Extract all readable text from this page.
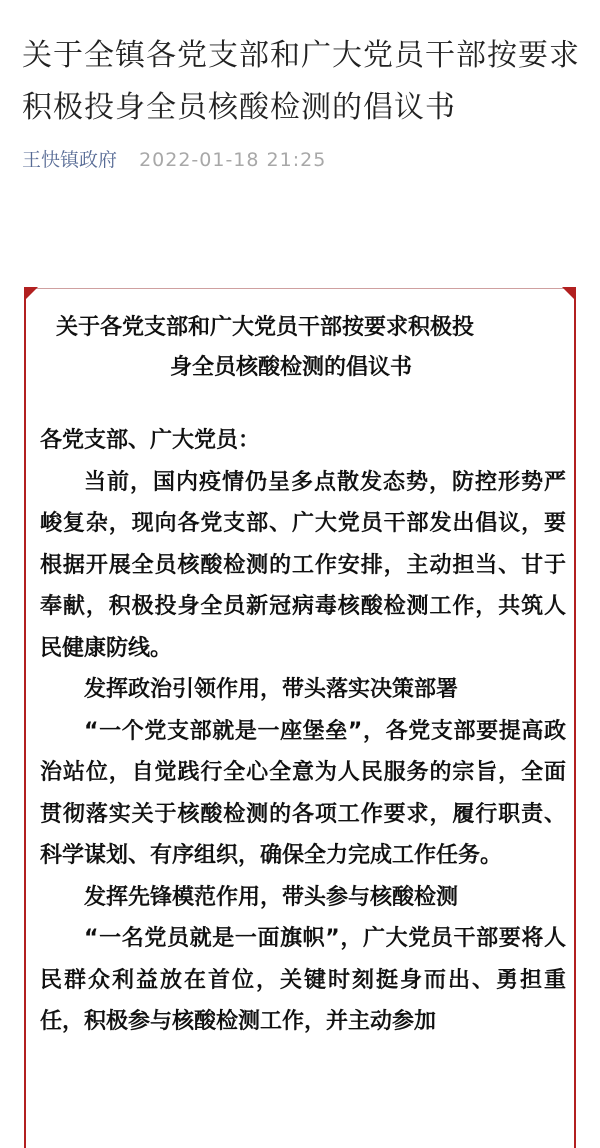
关于全镇各党支部和广大党员干部按要求积极投身全员核酸检测的倡议书
王快镇政府 2022-01-18 21:25
关于各党支部和广大党员干部按要求积极投
身全员核酸检测的倡议书

各党支部、广大党员：

当前，国内疫情仍呈多点散发态势，防控形势严峻复杂，现向各党支部、广大党员干部发出倡议，要根据开展全员核酸检测的工作安排，主动担当、甘于奉献，积极投身全员新冠病毒核酸检测工作，共筑人民健康防线。

发挥政治引领作用，带头落实决策部署

“一个党支部就是一座堡垒”，各党支部要提高政治站位，自觉践行全心全意为人民服务的宗旨，全面贯彻落实关于核酸检测的各项工作要求，履行职责、科学谋划、有序组织，确保全力完成工作任务。

发挥先锋模范作用，带头参与核酸检测

“一名党员就是一面旗帜”，广大党员干部要将人民群众利益放在首位，关键时刻挺身而出、勇担重任，积极参与核酸检测工作，并主动参加
